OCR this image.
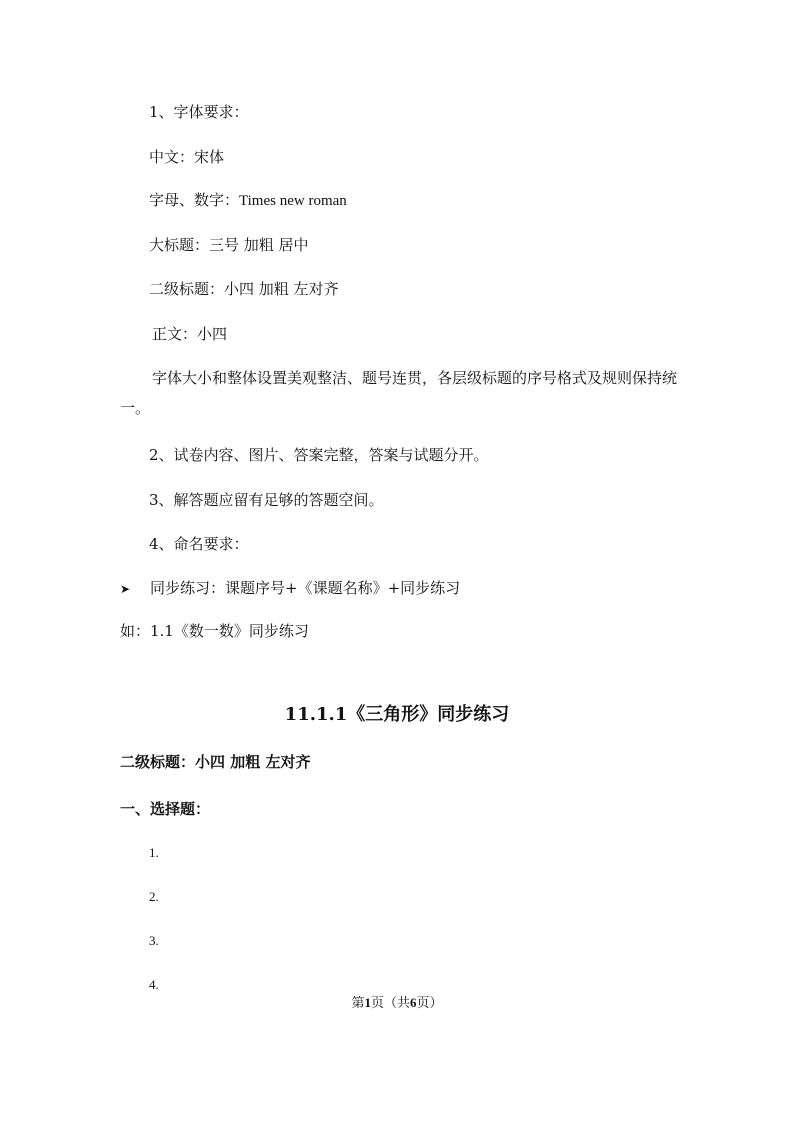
1、字体要求：
中文：宋体
字母、数字：Times new roman
大标题：三号 加粗 居中
二级标题：小四 加粗 左对齐
正文：小四
字体大小和整体设置美观整洁、题号连贯，各层级标题的序号格式及规则保持统一。
2、试卷内容、图片、答案完整，答案与试题分开。
3、解答题应留有足够的答题空间。
4、命名要求：
➤ 同步练习：课题序号+《课题名称》+同步练习
如：1.1《数一数》同步练习
11.1.1《三角形》同步练习
二级标题：小四 加粗 左对齐
一、选择题：
1.
2.
3.
4.
第1页（共6页）
